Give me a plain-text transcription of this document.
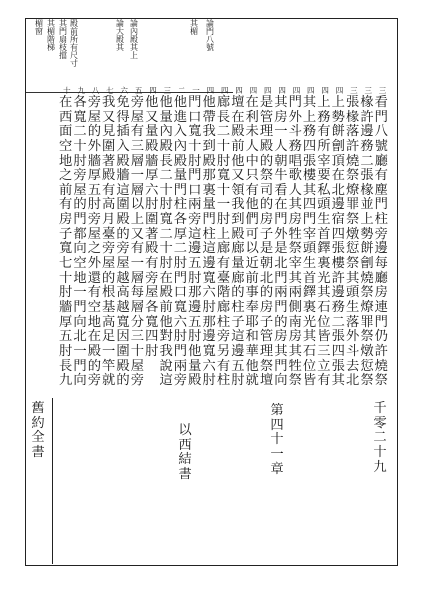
論門八號
其楣
論內殿其上
論大殿其
殿前所有尺寸
其門扇枝擋
其楣階梯
楣窗
看
門
八
號
廳
有
塵
門
柱
旁
邊
每
廳
房
連
門
仍
許
燒
祭
三
椽
許
邊
務
二
張
椽
並
上
勢
餅
劊
燒
祭
燎
罪
祭
燉
愆
祭
三
張
椽
落
許
燒
祭
燎
罪
祭
燉
愆
祭
其
頭
生
落
外
斗
去
北
三
上
勢
餅
劊
頂
在
北
邊
宿
四
張
樓
許
邊
務
二
張
四
張
其
四
上
務
有
所
宰
要
私
頭
生
首
鐸
裏
光
其
石
位
皆
三
立
有
四
其
上
務
四
張
樓
其
四
門
宰
頭
生
首
鐸
裏
光
其
石
位
皆
四
門
外
斗
務
唱
歌
人
其
房
牲
祭
宰
其
兩
側
南
房
其
牲
祭
四
其
房
一
人
朝
牛
看
在
門
外
是
北
門
兩
門
的
房
其
門
向
四
是
管
理
殿
的
祭
司
的
房
子
是
朝
北
的
房
子
管
理
祭
壇
四
在
利
未
人
中
只
有
他
們
可
以
近
前
事
奉
耶
和
華
他
就
四
壇
在
殿
前
他
又
領
我
到
殿
廊
量
廊
的
柱
子
這
邊
五
肘
四
廊
長
二
十
肘
寬
十
一
肘
上
廊
有
臺
階
廊
柱
旁
另
有
柱
四
他
帶
我
到
殿
那
裏
量
門
柱
這
邊
寬
六
肘
那
邊
寬
六
肘
四
門
口
寬
十
肘
門
口
兩
旁
這
邊
五
肘
那
邊
五
肘
他
量
殿
一
他
進
入
內
殿
量
門
柱
各
厚
二
肘
門
口
寬
六
肘
門
兩
旁
二
他
量
內
殿
長
二
十
肘
寬
二
十
肘
在
殿
前
他
對
我
說
這
三
他
又
量
殿
牆
厚
六
肘
圍
著
殿
有
旁
屋
各
寬
四
肘
四
旁
屋
有
三
層
一
層
以
上
又
有
一
層
每
層
分
三
十
屋
旁
五
免
得
插
入
殿
牆
這
圍
殿
的
旁
屋
越
高
越
寬
因
圍
殿
的
六
我
又
見
圍
著
殿
有
高
月
臺
旁
屋
的
根
基
高
足
一
竿
就
七
旁
屋
的
外
牆
厚
五
肘
旁
屋
之
外
還
有
空
地
在
殿
的
旁
八
各
寬
二
十
肘
旁
屋
的
門
都
向
空
地
一
門
向
北
一
門
向
九
在
西
面
空
地
之
前
有
房
子
寬
七
十
肘
牆
厚
五
肘
長
九
十
舊
約
全
書
以
西
結
書
第
四
十
一
章
千
零
二
十
九
